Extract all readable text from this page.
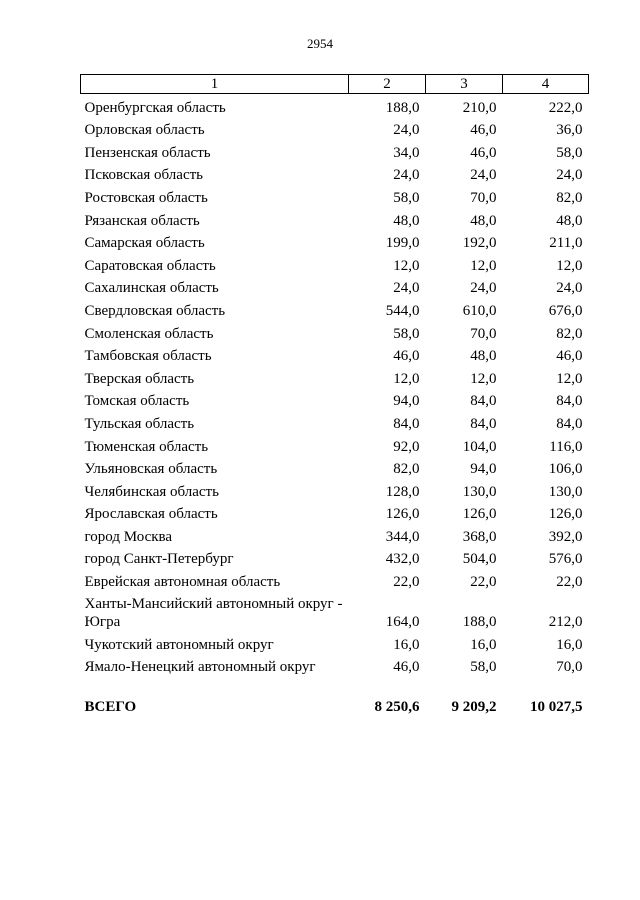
2954
1	2	3	4
Оренбургская область	188,0	210,0	222,0
Орловская область	24,0	46,0	36,0
Пензенская область	34,0	46,0	58,0
Псковская область	24,0	24,0	24,0
Ростовская область	58,0	70,0	82,0
Рязанская область	48,0	48,0	48,0
Самарская область	199,0	192,0	211,0
Саратовская область	12,0	12,0	12,0
Сахалинская область	24,0	24,0	24,0
Свердловская область	544,0	610,0	676,0
Смоленская область	58,0	70,0	82,0
Тамбовская область	46,0	48,0	46,0
Тверская область	12,0	12,0	12,0
Томская область	94,0	84,0	84,0
Тульская область	84,0	84,0	84,0
Тюменская область	92,0	104,0	116,0
Ульяновская область	82,0	94,0	106,0
Челябинская область	128,0	130,0	130,0
Ярославская область	126,0	126,0	126,0
город Москва	344,0	368,0	392,0
город Санкт-Петербург	432,0	504,0	576,0
Еврейская автономная область	22,0	22,0	22,0
Ханты-Мансийский автономный округ - Югра	164,0	188,0	212,0
Чукотский автономный округ	16,0	16,0	16,0
Ямало-Ненецкий автономный округ	46,0	58,0	70,0
ВСЕГО	8 250,6	9 209,2	10 027,5
